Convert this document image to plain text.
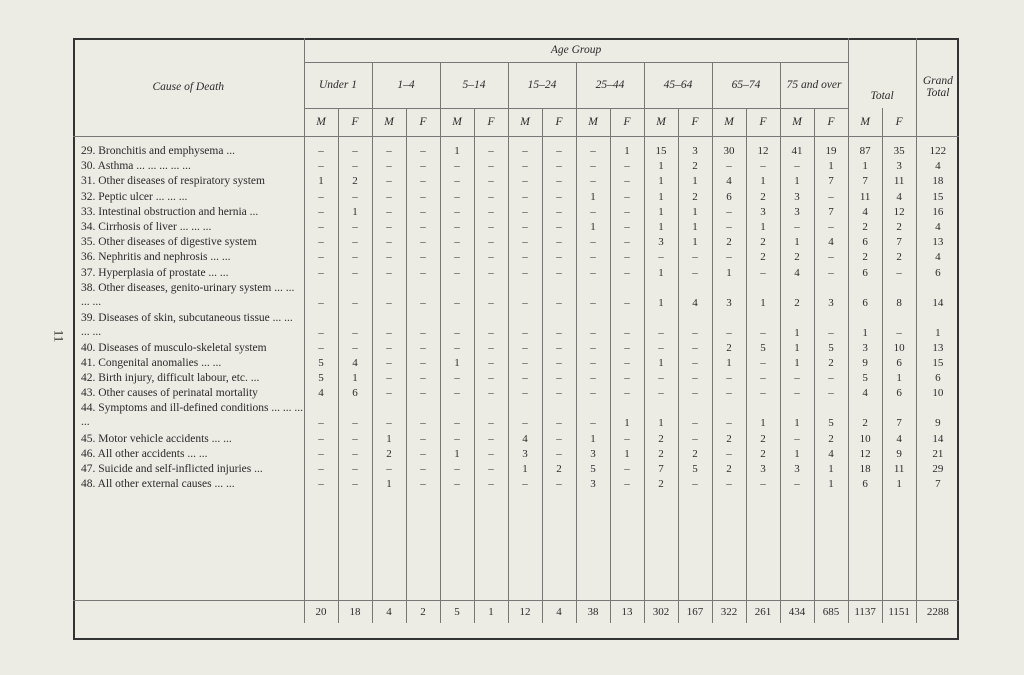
11
Cause of Death	Age Group																Total		Grand Total
	Under 1		1–4		5–14		15–24		25–44		45–64		65–74		75 and over				
	M	F	M	F	M	F	M	F	M	F	M	F	M	F	M	F	M	F	

29. Bronchitis and emphysema ...	–	–	–	–	1	–	–	–	–	1	15	3	30	12	41	19	87	35	122
30. Asthma ... ... ... ... ...	–	–	–	–	–	–	–	–	–	–	1	2	–	–	–	1	1	3	4
31. Other diseases of respiratory system	1	2	–	–	–	–	–	–	–	–	1	1	4	1	1	7	7	11	18
32. Peptic ulcer ... ... ...	–	–	–	–	–	–	–	–	1	–	1	2	6	2	3	–	11	4	15
33. Intestinal obstruction and hernia ...	–	1	–	–	–	–	–	–	–	–	1	1	–	3	3	7	4	12	16
34. Cirrhosis of liver ... ... ...	–	–	–	–	–	–	–	–	1	–	1	1	–	1	–	–	2	2	4
35. Other diseases of digestive system	–	–	–	–	–	–	–	–	–	–	3	1	2	2	1	4	6	7	13
36. Nephritis and nephrosis ... ...	–	–	–	–	–	–	–	–	–	–	–	–	–	2	2	–	2	2	4
37. Hyperplasia of prostate ... ...	–	–	–	–	–	–	–	–	–	–	1	–	1	–	4	–	6	–	6
38. Other diseases, genito-urinary system ... ... ... ...	–	–	–	–	–	–	–	–	–	–	1	4	3	1	2	3	6	8	14
39. Diseases of skin, subcutaneous tissue ... ... ... ...	–	–	–	–	–	–	–	–	–	–	–	–	–	–	1	–	1	–	1
40. Diseases of musculo-skeletal system	–	–	–	–	–	–	–	–	–	–	–	–	2	5	1	5	3	10	13
41. Congenital anomalies ... ...	5	4	–	–	1	–	–	–	–	–	1	–	1	–	1	2	9	6	15
42. Birth injury, difficult labour, etc. ...	5	1	–	–	–	–	–	–	–	–	–	–	–	–	–	–	5	1	6
43. Other causes of perinatal mortality	4	6	–	–	–	–	–	–	–	–	–	–	–	–	–	–	4	6	10
44. Symptoms and ill-defined conditions ... ... ... ...	–	–	–	–	–	–	–	–	–	1	1	–	–	1	1	5	2	7	9
45. Motor vehicle accidents ... ...	–	–	1	–	–	–	4	–	1	–	2	–	2	2	–	2	10	4	14
46. All other accidents ... ...	–	–	2	–	1	–	3	–	3	1	2	2	–	2	1	4	12	9	21
47. Suicide and self-inflicted injuries ...	–	–	–	–	–	–	1	2	5	–	7	5	2	3	3	1	18	11	29
48. All other external causes ... ...	–	–	1	–	–	–	–	–	3	–	2	–	–	–	–	1	6	1	7

	20	18	4	2	5	1	12	4	38	13	302	167	322	261	434	685	1137	1151	2288
